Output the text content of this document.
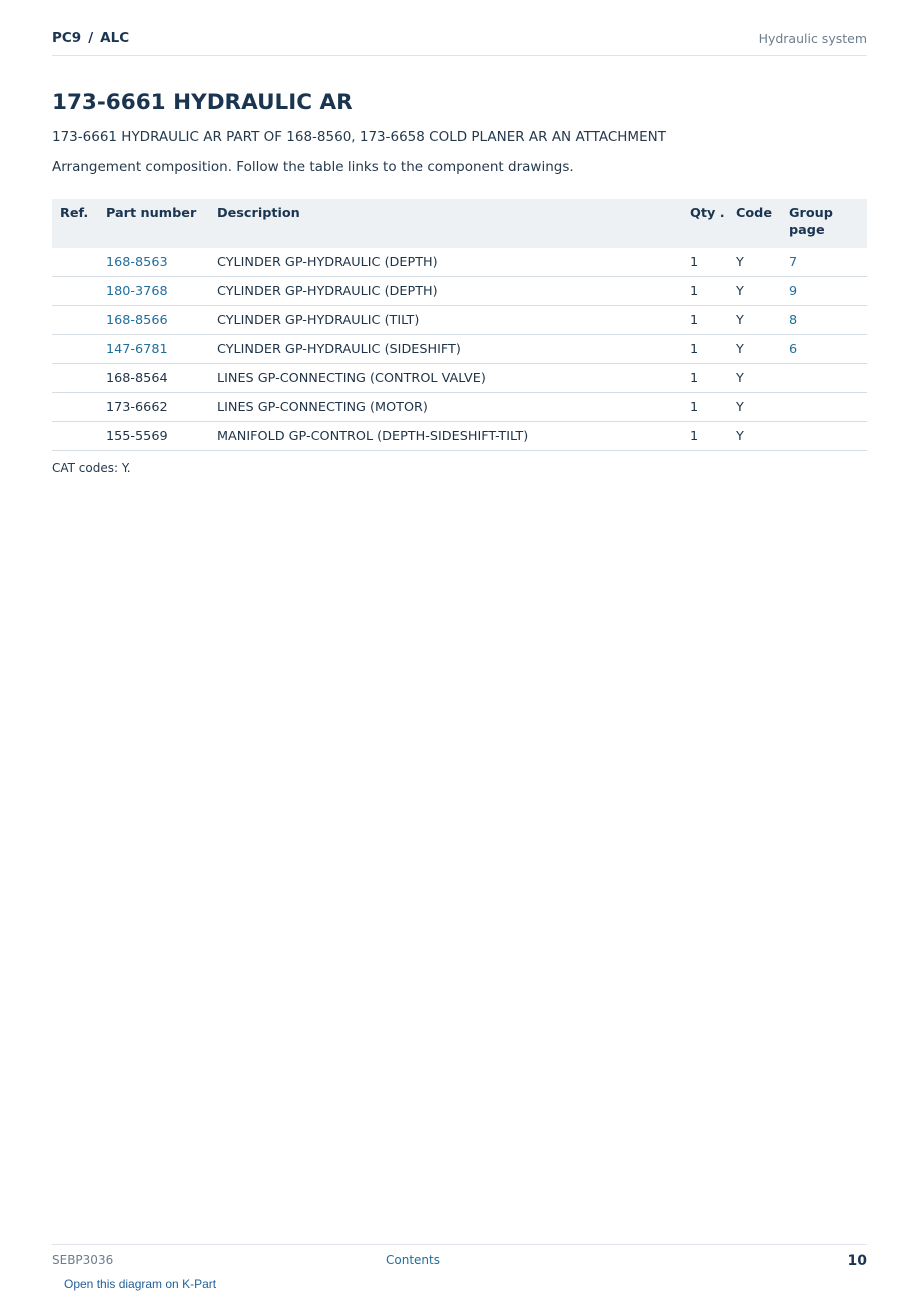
PC9 / ALC	Hydraulic system
173-6661 HYDRAULIC AR
173-6661 HYDRAULIC AR PART OF 168-8560, 173-6658 COLD PLANER AR AN ATTACHMENT
Arrangement composition. Follow the table links to the component drawings.
Ref.	Part number	Description	Qty .	Code	Group page
	168-8563	CYLINDER GP-HYDRAULIC (DEPTH)	1	Y	7
	180-3768	CYLINDER GP-HYDRAULIC (DEPTH)	1	Y	9
	168-8566	CYLINDER GP-HYDRAULIC (TILT)	1	Y	8
	147-6781	CYLINDER GP-HYDRAULIC (SIDESHIFT)	1	Y	6
	168-8564	LINES GP-CONNECTING (CONTROL VALVE)	1	Y	
	173-6662	LINES GP-CONNECTING (MOTOR)	1	Y	
	155-5569	MANIFOLD GP-CONTROL (DEPTH-SIDESHIFT-TILT)	1	Y	
CAT codes: Y.
SEBP3036	Contents	10
Open this diagram on K-Part
